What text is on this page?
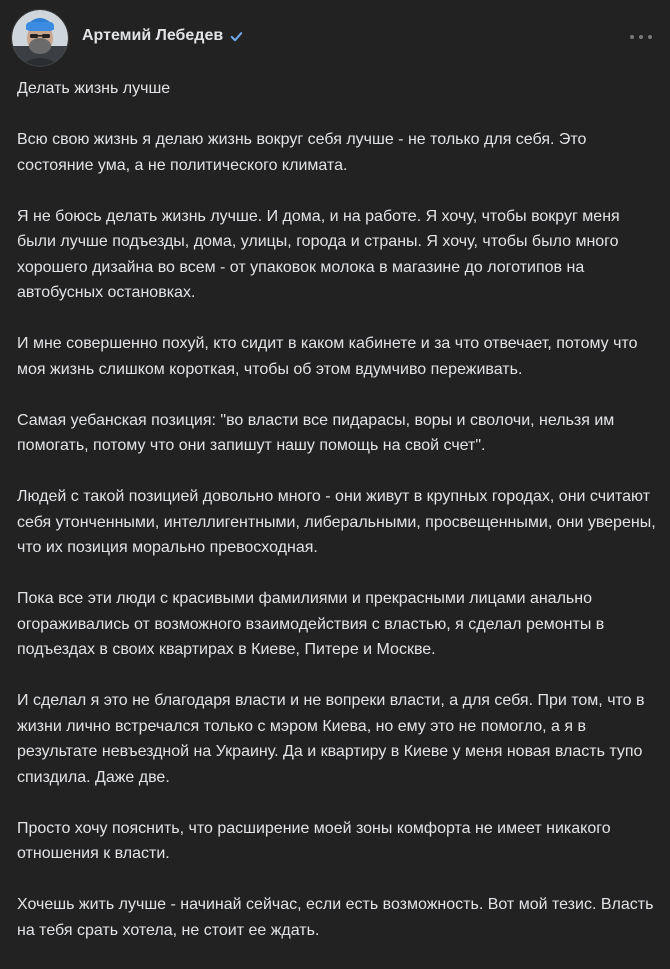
Артемий Лебедев

Делать жизнь лучше

Всю свою жизнь я делаю жизнь вокруг себя лучше - не только для себя. Это состояние ума, а не политического климата.

Я не боюсь делать жизнь лучше. И дома, и на работе. Я хочу, чтобы вокруг меня были лучше подъезды, дома, улицы, города и страны. Я хочу, чтобы было много хорошего дизайна во всем - от упаковок молока в магазине до логотипов на автобусных остановках.

И мне совершенно похуй, кто сидит в каком кабинете и за что отвечает, потому что моя жизнь слишком короткая, чтобы об этом вдумчиво переживать.

Самая уебанская позиция: "во власти все пидарасы, воры и сволочи, нельзя им помогать, потому что они запишут нашу помощь на свой счет".

Людей с такой позицией довольно много - они живут в крупных городах, они считают себя утонченными, интеллигентными, либеральными, просвещенными, они уверены, что их позиция морально превосходная.

Пока все эти люди с красивыми фамилиями и прекрасными лицами анально огораживались от возможного взаимодействия с властью, я сделал ремонты в подъездах в своих квартирах в Киеве, Питере и Москве.

И сделал я это не благодаря власти и не вопреки власти, а для себя. При том, что в жизни лично встречался только с мэром Киева, но ему это не помогло, а я в результате невъездной на Украину. Да и квартиру в Киеве у меня новая власть тупо спиздила. Даже две.

Просто хочу пояснить, что расширение моей зоны комфорта не имеет никакого отношения к власти.

Хочешь жить лучше - начинай сейчас, если есть возможность. Вот мой тезис. Власть на тебя срать хотела, не стоит ее ждать.
